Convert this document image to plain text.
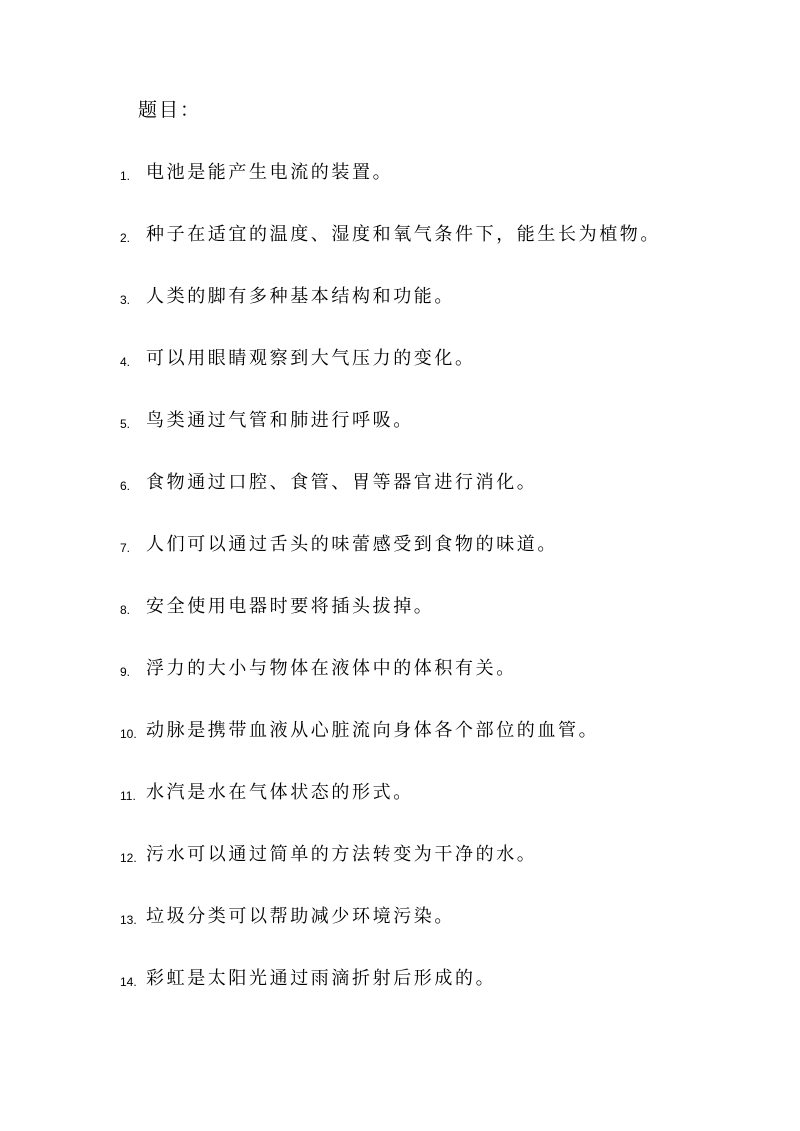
题目：
1. 电池是能产生电流的装置。
2. 种子在适宜的温度、湿度和氧气条件下，能生长为植物。
3. 人类的脚有多种基本结构和功能。
4. 可以用眼睛观察到大气压力的变化。
5. 鸟类通过气管和肺进行呼吸。
6. 食物通过口腔、食管、胃等器官进行消化。
7. 人们可以通过舌头的味蕾感受到食物的味道。
8. 安全使用电器时要将插头拔掉。
9. 浮力的大小与物体在液体中的体积有关。
10. 动脉是携带血液从心脏流向身体各个部位的血管。
11. 水汽是水在气体状态的形式。
12. 污水可以通过简单的方法转变为干净的水。
13. 垃圾分类可以帮助减少环境污染。
14. 彩虹是太阳光通过雨滴折射后形成的。
